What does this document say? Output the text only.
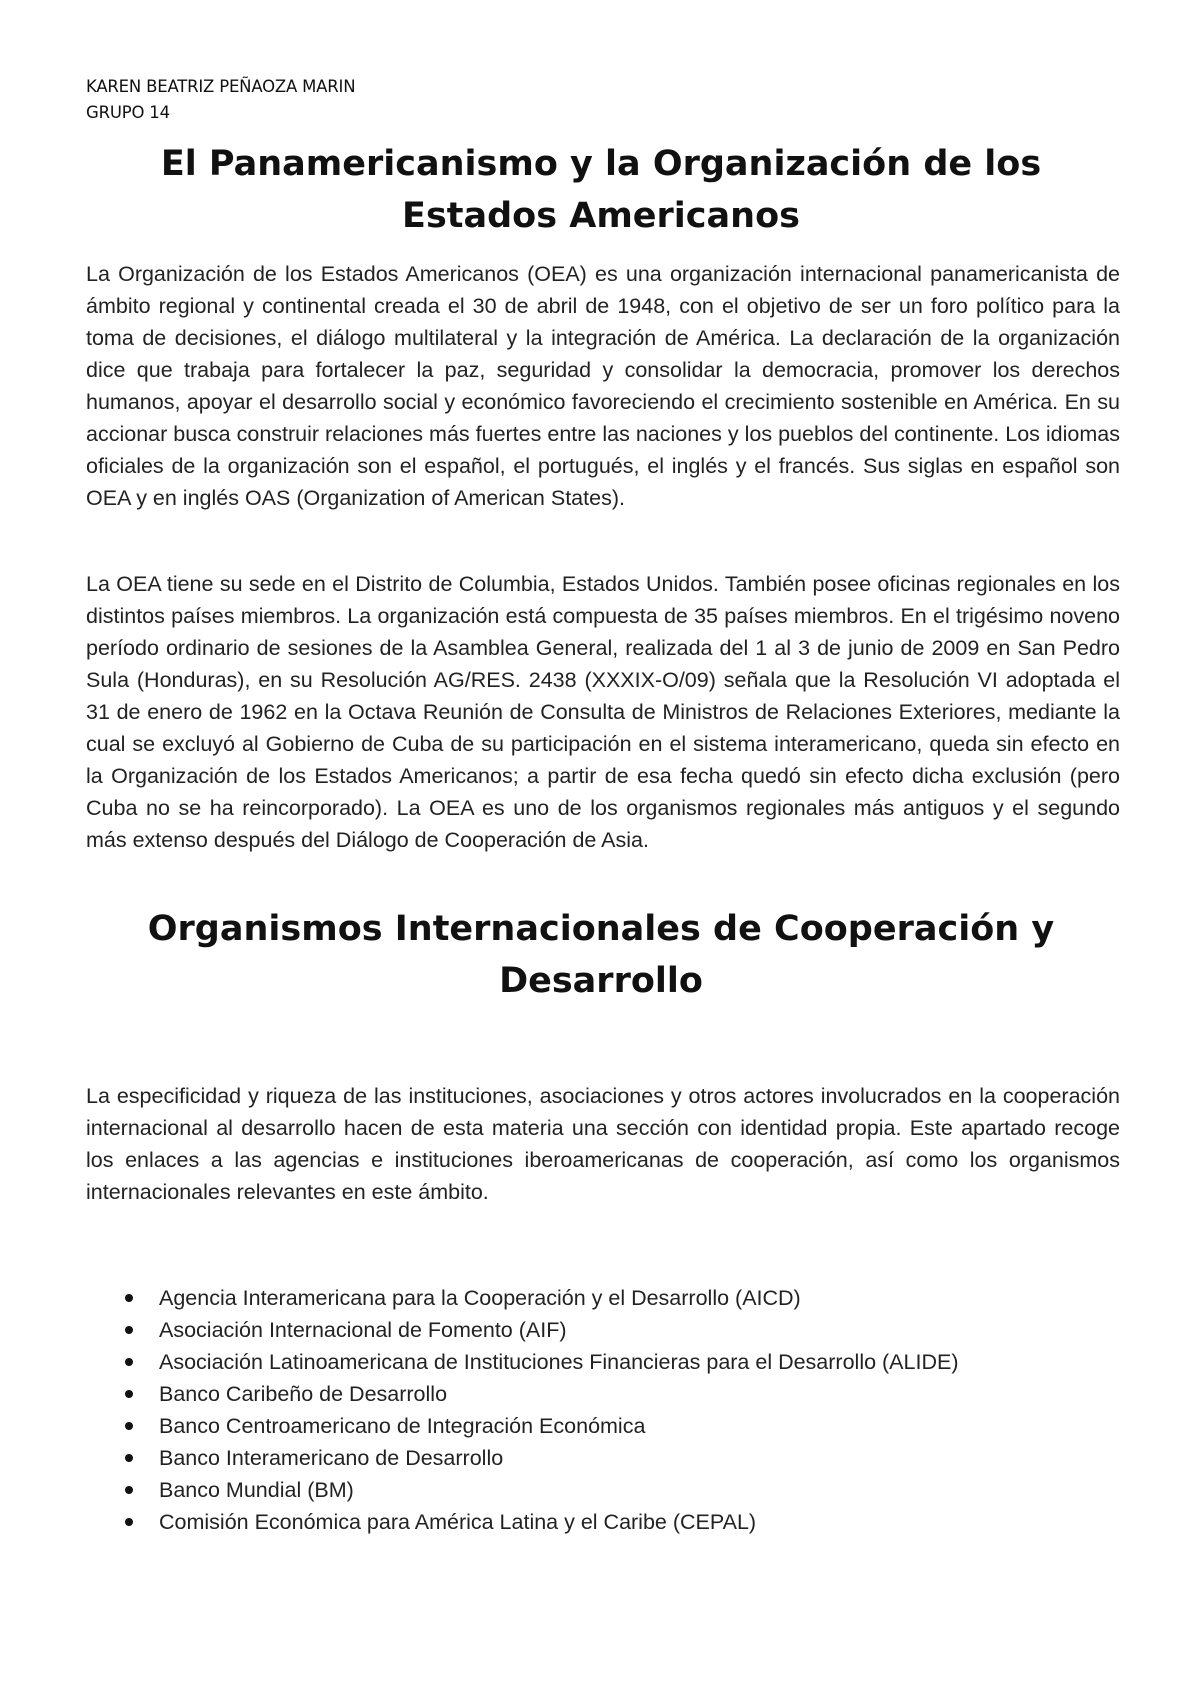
KAREN BEATRIZ PEÑAOZA MARIN
GRUPO 14
El Panamericanismo y la Organización de los Estados Americanos

La Organización de los Estados Americanos (OEA) es una organización internacional panamericanista de ámbito regional y continental creada el 30 de abril de 1948, con el objetivo de ser un foro político para la toma de decisiones, el diálogo multilateral y la integración de América. La declaración de la organización dice que trabaja para fortalecer la paz, seguridad y consolidar la democracia, promover los derechos humanos, apoyar el desarrollo social y económico favoreciendo el crecimiento sostenible en América. En su accionar busca construir relaciones más fuertes entre las naciones y los pueblos del continente. Los idiomas oficiales de la organización son el español, el portugués, el inglés y el francés. Sus siglas en español son OEA y en inglés OAS (Organization of American States).

La OEA tiene su sede en el Distrito de Columbia, Estados Unidos. También posee oficinas regionales en los distintos países miembros. La organización está compuesta de 35 países miembros. En el trigésimo noveno período ordinario de sesiones de la Asamblea General, realizada del 1 al 3 de junio de 2009 en San Pedro Sula (Honduras), en su Resolución AG/RES. 2438 (XXXIX-O/09) señala que la Resolución VI adoptada el 31 de enero de 1962 en la Octava Reunión de Consulta de Ministros de Relaciones Exteriores, mediante la cual se excluyó al Gobierno de Cuba de su participación en el sistema interamericano, queda sin efecto en la Organización de los Estados Americanos; a partir de esa fecha quedó sin efecto dicha exclusión (pero Cuba no se ha reincorporado). La OEA es uno de los organismos regionales más antiguos y el segundo más extenso después del Diálogo de Cooperación de Asia.

Organismos Internacionales de Cooperación y Desarrollo

La especificidad y riqueza de las instituciones, asociaciones y otros actores involucrados en la cooperación internacional al desarrollo hacen de esta materia una sección con identidad propia. Este apartado recoge los enlaces a las agencias e instituciones iberoamericanas de cooperación, así como los organismos internacionales relevantes en este ámbito.

Agencia Interamericana para la Cooperación y el Desarrollo (AICD)
Asociación Internacional de Fomento (AIF)
Asociación Latinoamericana de Instituciones Financieras para el Desarrollo (ALIDE)
Banco Caribeño de Desarrollo
Banco Centroamericano de Integración Económica
Banco Interamericano de Desarrollo
Banco Mundial (BM)
Comisión Económica para América Latina y el Caribe (CEPAL)
